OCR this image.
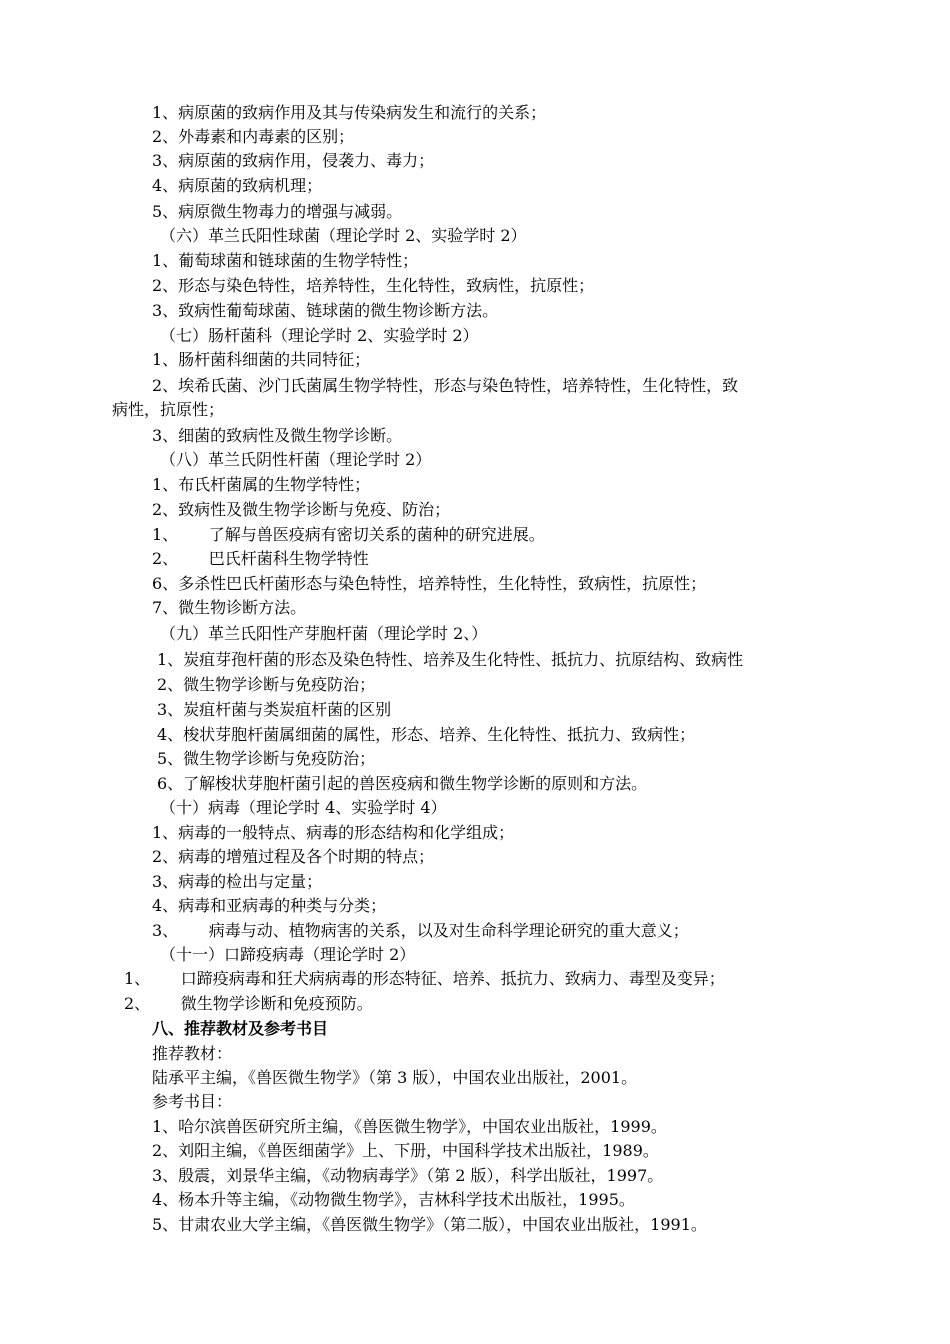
1、病原菌的致病作用及其与传染病发生和流行的关系；
2、外毒素和内毒素的区别；
3、病原菌的致病作用，侵袭力、毒力；
4、病原菌的致病机理；
5、病原微生物毒力的增强与减弱。
（六）革兰氏阳性球菌（理论学时 2、实验学时 2）
1、葡萄球菌和链球菌的生物学特性；
2、形态与染色特性，培养特性，生化特性，致病性，抗原性；
3、致病性葡萄球菌、链球菌的微生物诊断方法。
（七）肠杆菌科（理论学时 2、实验学时 2）
1、肠杆菌科细菌的共同特征；
2、埃希氏菌、沙门氏菌属生物学特性，形态与染色特性，培养特性，生化特性，致
病性，抗原性；
3、细菌的致病性及微生物学诊断。
（八）革兰氏阴性杆菌（理论学时 2）
1、布氏杆菌属的生物学特性；
2、致病性及微生物学诊断与免疫、防治；
1、      了解与兽医疫病有密切关系的菌种的研究进展。
2、      巴氏杆菌科生物学特性
6、多杀性巴氏杆菌形态与染色特性，培养特性，生化特性，致病性，抗原性；
7、微生物诊断方法。
（九）革兰氏阳性产芽胞杆菌（理论学时 2、）
1、炭疽芽孢杆菌的形态及染色特性、培养及生化特性、抵抗力、抗原结构、致病性
2、微生物学诊断与免疫防治；
3、炭疽杆菌与类炭疽杆菌的区别
4、梭状芽胞杆菌属细菌的属性，形态、培养、生化特性、抵抗力、致病性；
5、微生物学诊断与免疫防治；
6、了解梭状芽胞杆菌引起的兽医疫病和微生物学诊断的原则和方法。
（十）病毒（理论学时 4、实验学时 4）
1、病毒的一般特点、病毒的形态结构和化学组成；
2、病毒的增殖过程及各个时期的特点；
3、病毒的检出与定量；
4、病毒和亚病毒的种类与分类；
3、      病毒与动、植物病害的关系，以及对生命科学理论研究的重大意义；
（十一）口蹄疫病毒（理论学时 2）
1、      口蹄疫病毒和狂犬病病毒的形态特征、培养、抵抗力、致病力、毒型及变异；
2、      微生物学诊断和免疫预防。
八、推荐教材及参考书目
推荐教材：
陆承平主编，《兽医微生物学》（第 3 版），中国农业出版社，2001。
参考书目：
1、哈尔滨兽医研究所主编，《兽医微生物学》，中国农业出版社，1999。
2、刘阳主编，《兽医细菌学》上、下册，中国科学技术出版社，1989。
3、殷震，刘景华主编，《动物病毒学》（第 2 版），科学出版社，1997。
4、杨本升等主编，《动物微生物学》，吉林科学技术出版社，1995。
5、甘肃农业大学主编，《兽医微生物学》（第二版），中国农业出版社，1991。
